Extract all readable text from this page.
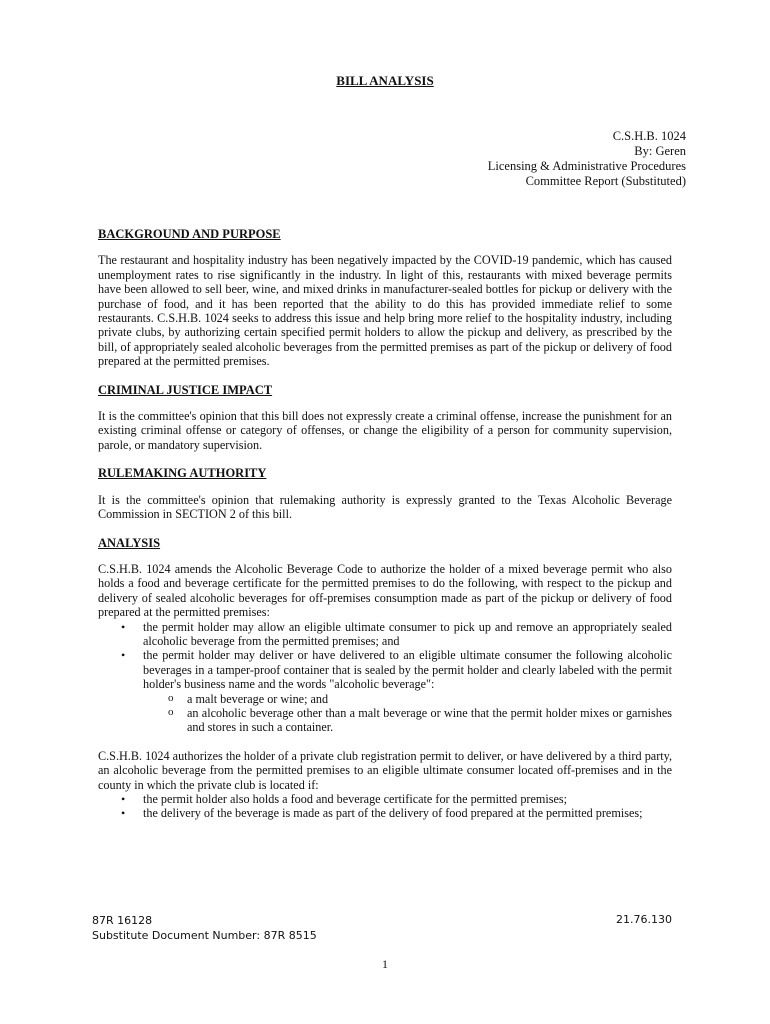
BILL ANALYSIS
C.S.H.B. 1024
By: Geren
Licensing & Administrative Procedures
Committee Report (Substituted)
BACKGROUND AND PURPOSE

The restaurant and hospitality industry has been negatively impacted by the COVID-19 pandemic, which has caused unemployment rates to rise significantly in the industry. In light of this, restaurants with mixed beverage permits have been allowed to sell beer, wine, and mixed drinks in manufacturer-sealed bottles for pickup or delivery with the purchase of food, and it has been reported that the ability to do this has provided immediate relief to some restaurants. C.S.H.B. 1024 seeks to address this issue and help bring more relief to the hospitality industry, including private clubs, by authorizing certain specified permit holders to allow the pickup and delivery, as prescribed by the bill, of appropriately sealed alcoholic beverages from the permitted premises as part of the pickup or delivery of food prepared at the permitted premises.

CRIMINAL JUSTICE IMPACT

It is the committee's opinion that this bill does not expressly create a criminal offense, increase the punishment for an existing criminal offense or category of offenses, or change the eligibility of a person for community supervision, parole, or mandatory supervision.

RULEMAKING AUTHORITY

It is the committee's opinion that rulemaking authority is expressly granted to the Texas Alcoholic Beverage Commission in SECTION 2 of this bill.

ANALYSIS

C.S.H.B. 1024 amends the Alcoholic Beverage Code to authorize the holder of a mixed beverage permit who also holds a food and beverage certificate for the permitted premises to do the following, with respect to the pickup and delivery of sealed alcoholic beverages for off-premises consumption made as part of the pickup or delivery of food prepared at the permitted premises:

• the permit holder may allow an eligible ultimate consumer to pick up and remove an appropriately sealed alcoholic beverage from the permitted premises; and
• the permit holder may deliver or have delivered to an eligible ultimate consumer the following alcoholic beverages in a tamper-proof container that is sealed by the permit holder and clearly labeled with the permit holder's business name and the words "alcoholic beverage":
o a malt beverage or wine; and
o an alcoholic beverage other than a malt beverage or wine that the permit holder mixes or garnishes and stores in such a container.

C.S.H.B. 1024 authorizes the holder of a private club registration permit to deliver, or have delivered by a third party, an alcoholic beverage from the permitted premises to an eligible ultimate consumer located off-premises and in the county in which the private club is located if:

• the permit holder also holds a food and beverage certificate for the permitted premises;
• the delivery of the beverage is made as part of the delivery of food prepared at the permitted premises;
87R 16128
Substitute Document Number: 87R 8515
21.76.130
1
